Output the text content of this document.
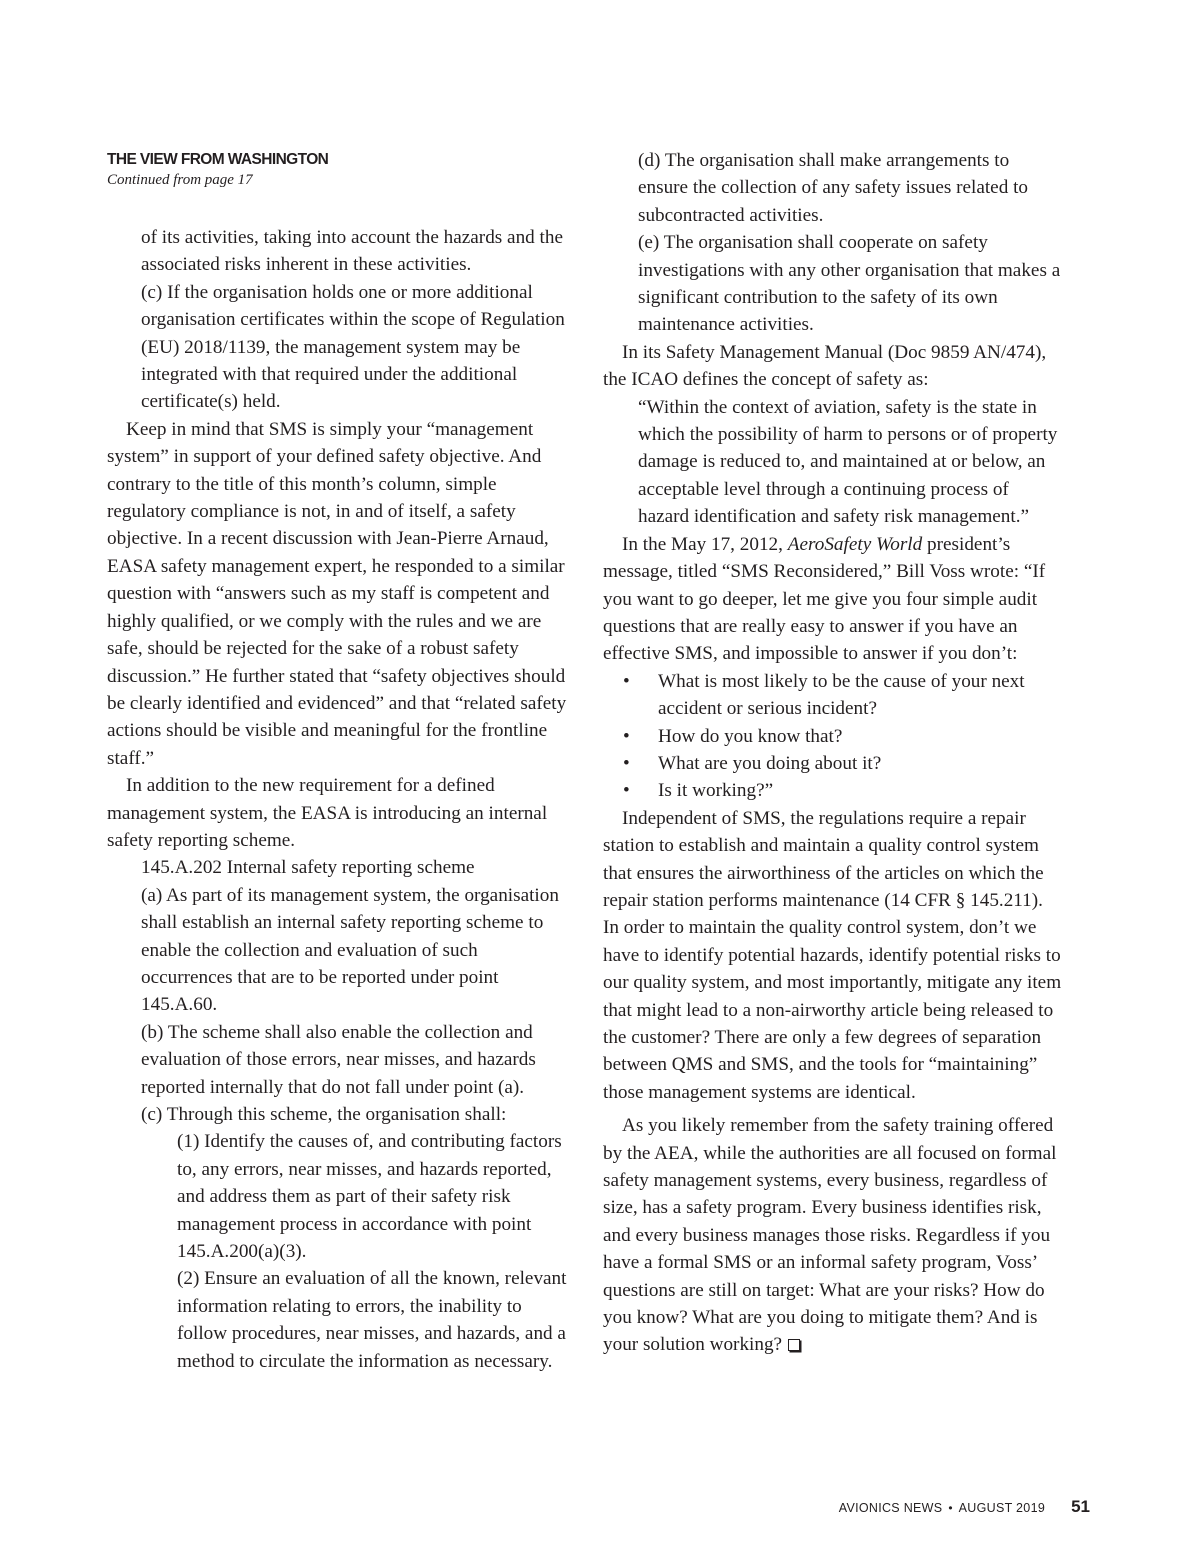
THE VIEW FROM WASHINGTON

Continued from page 17

of its activities, taking into account the hazards and the associated risks inherent in these activities.

(c) If the organisation holds one or more additional organisation certificates within the scope of Regulation (EU) 2018/1139, the management system may be integrated with that required under the additional certificate(s) held.

Keep in mind that SMS is simply your “management system” in support of your defined safety objective. And contrary to the title of this month’s column, simple regulatory compliance is not, in and of itself, a safety objective. In a recent discussion with Jean-Pierre Arnaud, EASA safety management expert, he responded to a similar question with “answers such as my staff is competent and highly qualified, or we comply with the rules and we are safe, should be rejected for the sake of a robust safety discussion.” He further stated that “safety objectives should be clearly identified and evidenced” and that “related safety actions should be visible and meaningful for the frontline staff.”

In addition to the new requirement for a defined management system, the EASA is introducing an internal safety reporting scheme.

145.A.202 Internal safety reporting scheme

(a) As part of its management system, the organisation shall establish an internal safety reporting scheme to enable the collection and evaluation of such occurrences that are to be reported under point 145.A.60.

(b) The scheme shall also enable the collection and evaluation of those errors, near misses, and hazards reported internally that do not fall under point (a).

(c) Through this scheme, the organisation shall:

(1) Identify the causes of, and contributing factors to, any errors, near misses, and hazards reported, and address them as part of their safety risk management process in accordance with point 145.A.200(a)(3).

(2) Ensure an evaluation of all the known, relevant information relating to errors, the inability to follow procedures, near misses, and hazards, and a method to circulate the information as necessary.

(d) The organisation shall make arrangements to ensure the collection of any safety issues related to subcontracted activities.

(e) The organisation shall cooperate on safety investigations with any other organisation that makes a significant contribution to the safety of its own maintenance activities.

In its Safety Management Manual (Doc 9859 AN/474), the ICAO defines the concept of safety as:

“Within the context of aviation, safety is the state in which the possibility of harm to persons or of property damage is reduced to, and maintained at or below, an acceptable level through a continuing process of hazard identification and safety risk management.”

In the May 17, 2012, AeroSafety World president’s message, titled “SMS Reconsidered,” Bill Voss wrote: “If you want to go deeper, let me give you four simple audit questions that are really easy to answer if you have an effective SMS, and impossible to answer if you don’t:

• What is most likely to be the cause of your next accident or serious incident?
• How do you know that?
• What are you doing about it?
• Is it working?”

Independent of SMS, the regulations require a repair station to establish and maintain a quality control system that ensures the airworthiness of the articles on which the repair station performs maintenance (14 CFR § 145.211). In order to maintain the quality control system, don’t we have to identify potential hazards, identify potential risks to our quality system, and most importantly, mitigate any item that might lead to a non-airworthy article being released to the customer? There are only a few degrees of separation between QMS and SMS, and the tools for “maintaining” those management systems are identical.

As you likely remember from the safety training offered by the AEA, while the authorities are all focused on formal safety management systems, every business, regardless of size, has a safety program. Every business identifies risk, and every business manages those risks. Regardless if you have a formal SMS or an informal safety program, Voss’ questions are still on target: What are your risks? How do you know? What are you doing to mitigate them? And is your solution working?

AVIONICS NEWS • AUGUST 2019 51
